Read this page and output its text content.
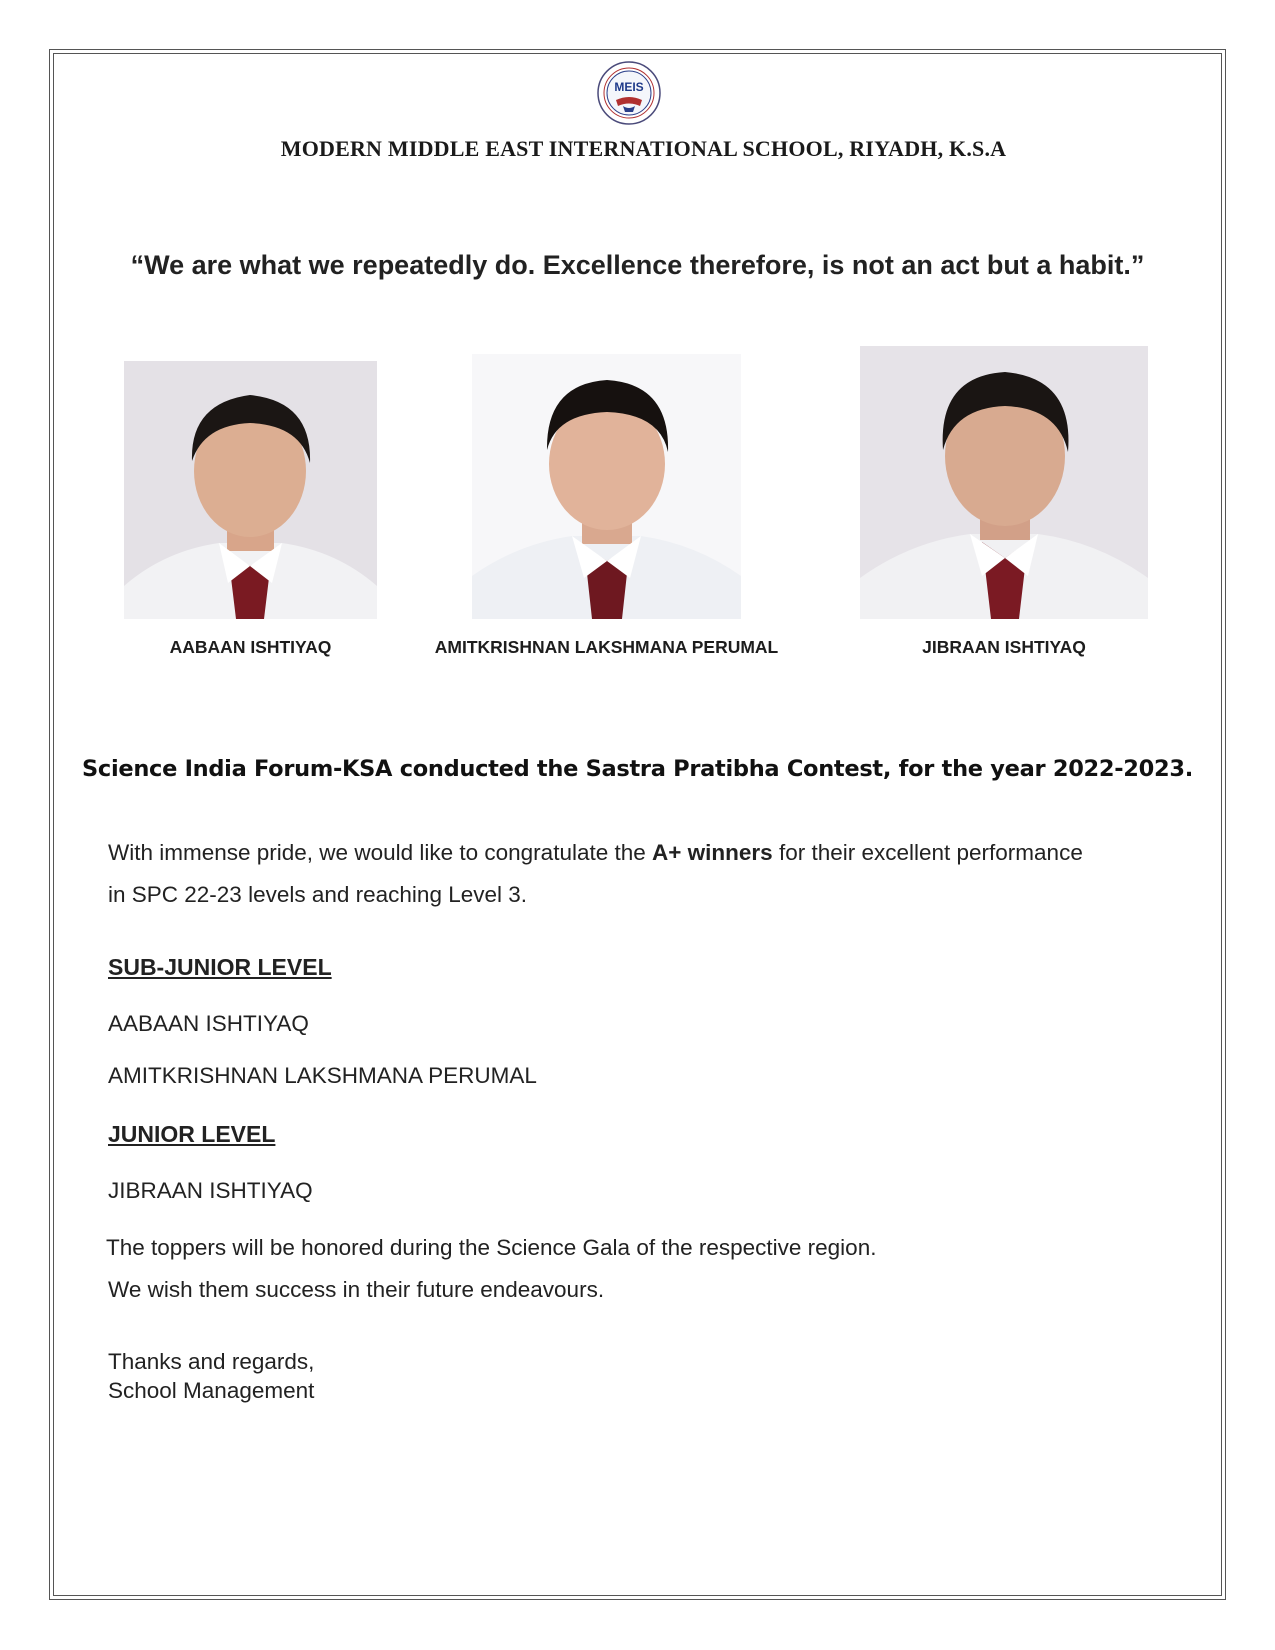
MEIS
MODERN MIDDLE EAST INTERNATIONAL SCHOOL, RIYADH, K.S.A
“We are what we repeatedly do. Excellence therefore, is not an act but a habit.”
AABAAN ISHTIYAQ	AMITKRISHNAN LAKSHMANA PERUMAL	JIBRAAN ISHTIYAQ
Science India Forum-KSA conducted the Sastra Pratibha Contest, for the year 2022-2023.
With immense pride, we would like to congratulate the A+ winners for their excellent performance
in SPC 22-23 levels and reaching Level 3.
SUB-JUNIOR LEVEL
AABAAN ISHTIYAQ
AMITKRISHNAN LAKSHMANA PERUMAL
JUNIOR LEVEL
JIBRAAN ISHTIYAQ
The toppers will be honored during the Science Gala of the respective region.
We wish them success in their future endeavours.
Thanks and regards,
School Management
